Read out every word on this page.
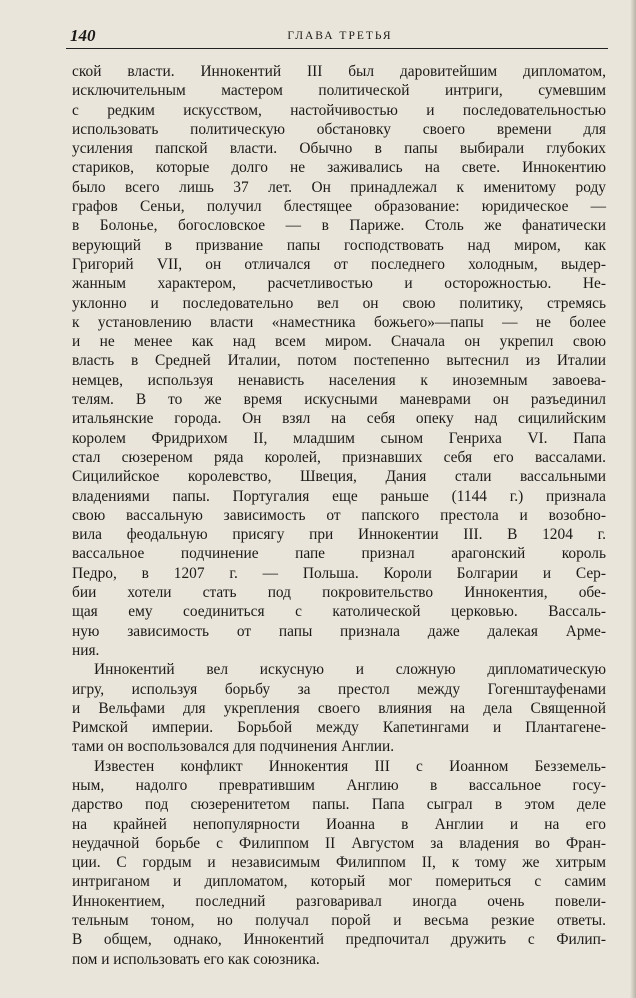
140	ГЛАВА ТРЕТЬЯ

ской власти. Иннокентий III был даровитейшим дипломатом,
исключительным мастером политической интриги, сумевшим
с редким искусством, настойчивостью и последовательностью
использовать политическую обстановку своего времени для
усиления папской власти. Обычно в папы выбирали глубоких
стариков, которые долго не заживались на свете. Иннокентию
было всего лишь 37 лет. Он принадлежал к именитому роду
графов Сеньи, получил блестящее образование: юридическое —
в Болонье, богословское — в Париже. Столь же фанатически
верующий в призвание папы господствовать над миром, как
Григорий VII, он отличался от последнего холодным, выдер-
жанным характером, расчетливостью и осторожностью. Не-
уклонно и последовательно вел он свою политику, стремясь
к установлению власти «наместника божьего»—папы — не более
и не менее как над всем миром. Сначала он укрепил свою
власть в Средней Италии, потом постепенно вытеснил из Италии
немцев, используя ненависть населения к иноземным завоева-
телям. В то же время искусными маневрами он разъединил
итальянские города. Он взял на себя опеку над сицилийским
королем Фридрихом II, младшим сыном Генриха VI. Папа
стал сюзереном ряда королей, признавших себя его вассалами.
Сицилийское королевство, Швеция, Дания стали вассальными
владениями папы. Португалия еще раньше (1144 г.) признала
свою вассальную зависимость от папского престола и возобно-
вила феодальную присягу при Иннокентии III. В 1204 г.
вассальное подчинение папе признал арагонский король
Педро, в 1207 г. — Польша. Короли Болгарии и Сер-
бии хотели стать под покровительство Иннокентия, обе-
щая ему соединиться с католической церковью. Вассаль-
ную зависимость от папы признала даже далекая Арме-
ния.

Иннокентий вел искусную и сложную дипломатическую
игру, используя борьбу за престол между Гогенштауфенами
и Вельфами для укрепления своего влияния на дела Священной
Римской империи. Борьбой между Капетингами и Плантагене-
тами он воспользовался для подчинения Англии.

Известен конфликт Иннокентия III с Иоанном Безземель-
ным, надолго превратившим Англию в вассальное госу-
дарство под сюзеренитетом папы. Папа сыграл в этом деле
на крайней непопулярности Иоанна в Англии и на его
неудачной борьбе с Филиппом II Августом за владения во Фран-
ции. С гордым и независимым Филиппом II, к тому же хитрым
интриганом и дипломатом, который мог помериться с самим
Иннокентием, последний разговаривал иногда очень повели-
тельным тоном, но получал порой и весьма резкие ответы.
В общем, однако, Иннокентий предпочитал дружить с Филип-
пом и использовать его как союзника.
